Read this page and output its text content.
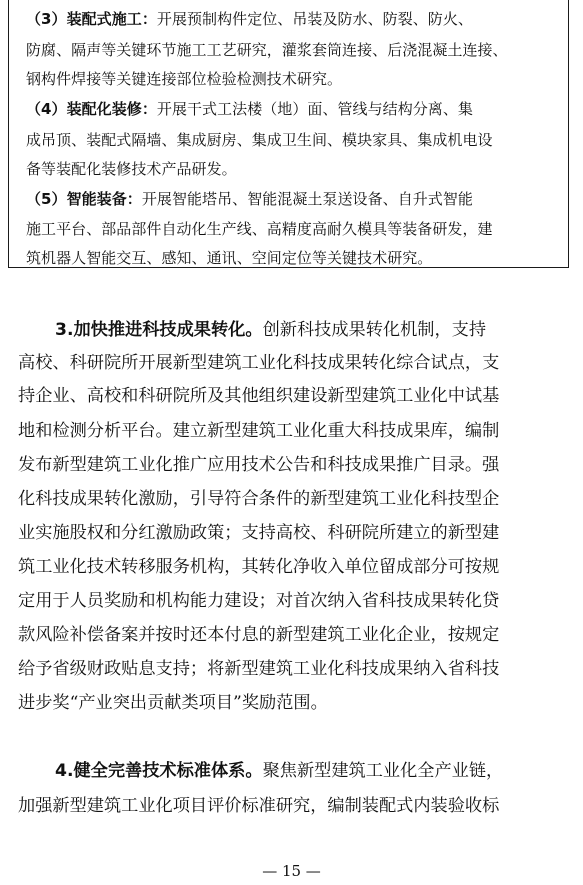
（3）装配式施工：开展预制构件定位、吊装及防水、防裂、防火、
防腐、隔声等关键环节施工工艺研究，灌浆套筒连接、后浇混凝土连接、
钢构件焊接等关键连接部位检验检测技术研究。
（4）装配化装修：开展干式工法楼（地）面、管线与结构分离、集
成吊顶、装配式隔墙、集成厨房、集成卫生间、模块家具、集成机电设
备等装配化装修技术产品研发。
（5）智能装备：开展智能塔吊、智能混凝土泵送设备、自升式智能
施工平台、部品部件自动化生产线、高精度高耐久模具等装备研发，建
筑机器人智能交互、感知、通讯、空间定位等关键技术研究。
3.加快推进科技成果转化。创新科技成果转化机制，支持
高校、科研院所开展新型建筑工业化科技成果转化综合试点，支
持企业、高校和科研院所及其他组织建设新型建筑工业化中试基
地和检测分析平台。建立新型建筑工业化重大科技成果库，编制
发布新型建筑工业化推广应用技术公告和科技成果推广目录。强
化科技成果转化激励，引导符合条件的新型建筑工业化科技型企
业实施股权和分红激励政策；支持高校、科研院所建立的新型建
筑工业化技术转移服务机构，其转化净收入单位留成部分可按规
定用于人员奖励和机构能力建设；对首次纳入省科技成果转化贷
款风险补偿备案并按时还本付息的新型建筑工业化企业，按规定
给予省级财政贴息支持；将新型建筑工业化科技成果纳入省科技
进步奖“产业突出贡献类项目”奖励范围。
4.健全完善技术标准体系。聚焦新型建筑工业化全产业链，
加强新型建筑工业化项目评价标准研究，编制装配式内装验收标
— 15 —
